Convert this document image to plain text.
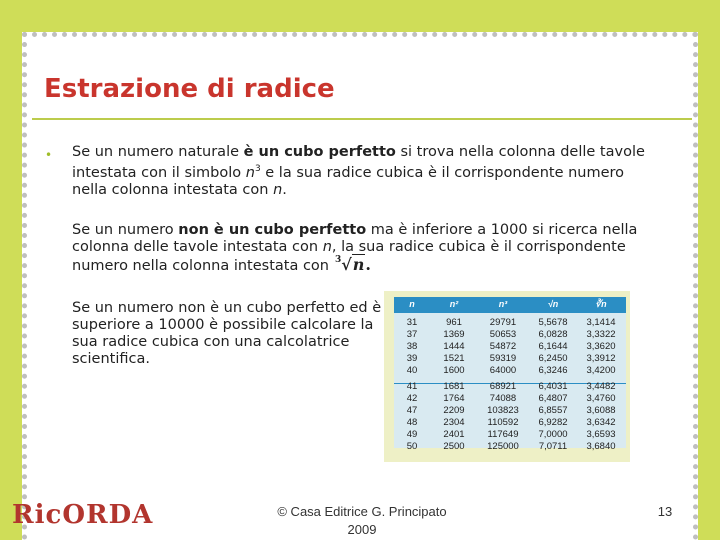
Estrazione di radice
• Se un numero naturale è un cubo perfetto si trova nella colonna delle tavole intestata con il simbolo $n^3$ e la sua radice cubica è il corrispondente numero nella colonna intestata con n.

Se un numero non è un cubo perfetto ma è inferiore a 1000 si ricerca nella colonna delle tavole intestata con n, la sua radice cubica è il corrispondente numero nella colonna intestata con $^3$√n.

Se un numero non è un cubo perfetto ed è superiore a 10000 è possibile calcolare la sua radice cubica con una calcolatrice scientifica.

n	n²	n³	√n	∛n
31	961	29791	5,5678	3,1414
37	1369	50653	6,0828	3,3322
38	1444	54872	6,1644	3,3620
39	1521	59319	6,2450	3,3912
40	1600	64000	6,3246	3,4200
41	1681	68921	6,4031	3,4482
42	1764	74088	6,4807	3,4760
47	2209	103823	6,8557	3,6088
48	2304	110592	6,9282	3,6342
49	2401	117649	7,0000	3,6593
50	2500	125000	7,0711	3,6840
RicORDA	© Casa Editrice G. Principato
2009
13
